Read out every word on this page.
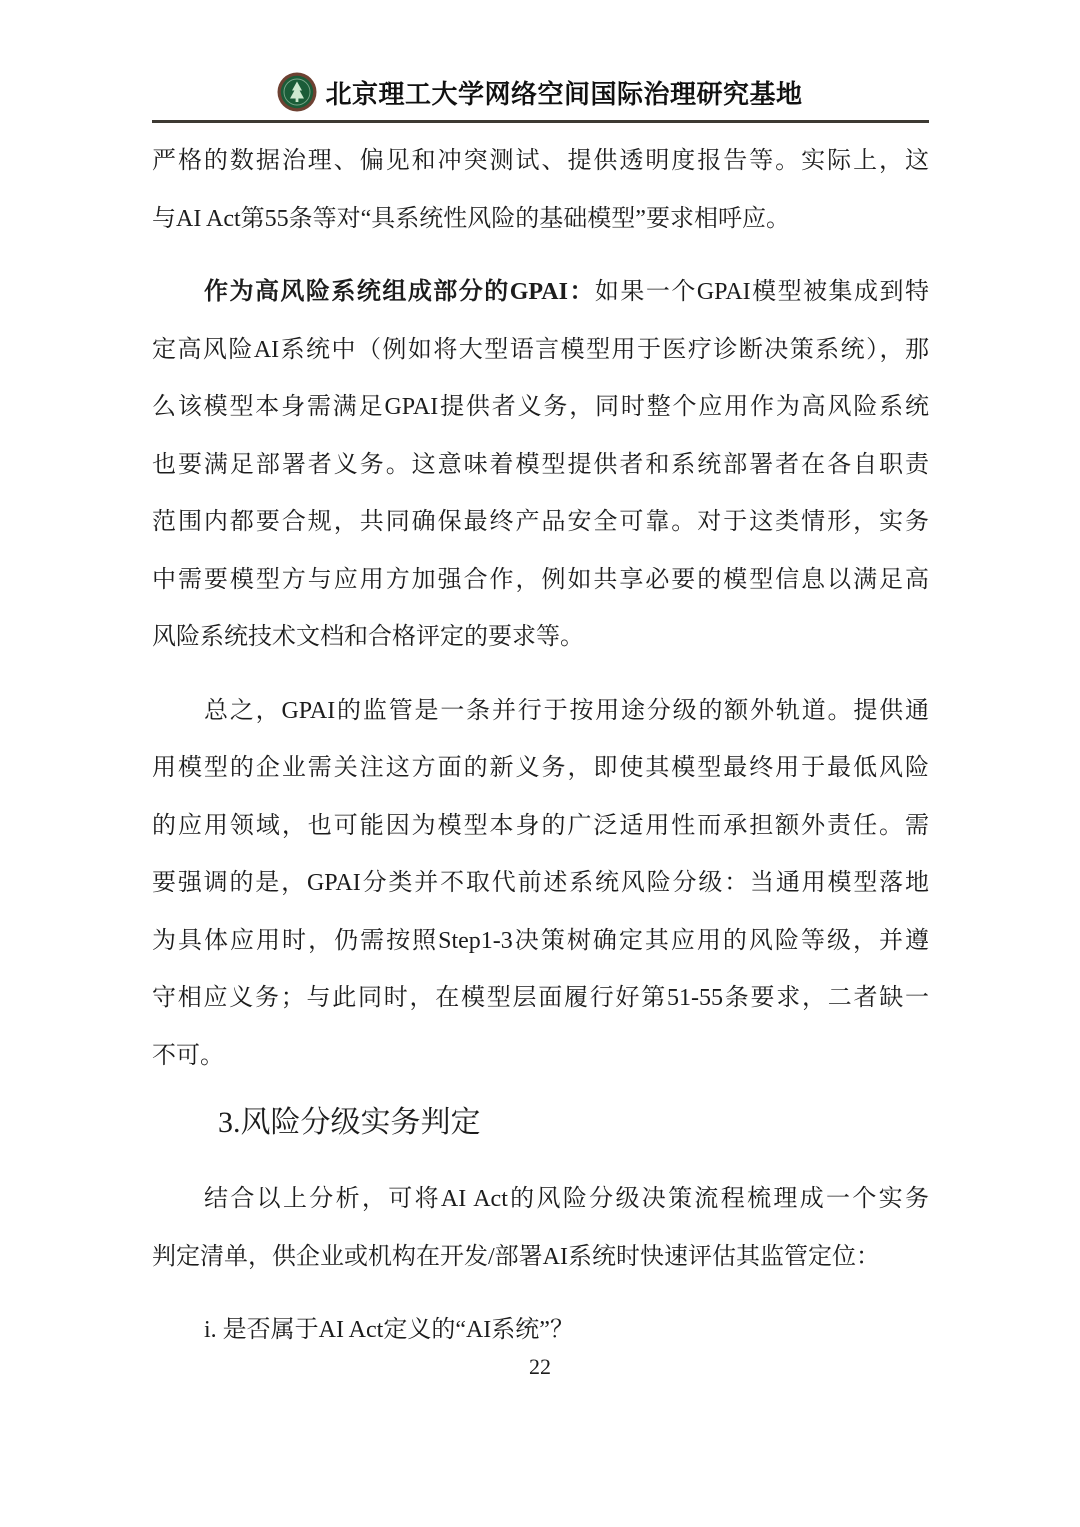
北京理工大学网络空间国际治理研究基地
严格的数据治理、偏见和冲突测试、提供透明度报告等。实际上，这
与AI Act第55条等对“具系统性风险的基础模型”要求相呼应。
作为高风险系统组成部分的GPAI：如果一个GPAI模型被集成到特
定高风险AI系统中（例如将大型语言模型用于医疗诊断决策系统），那
么该模型本身需满足GPAI提供者义务，同时整个应用作为高风险系统
也要满足部署者义务。这意味着模型提供者和系统部署者在各自职责
范围内都要合规，共同确保最终产品安全可靠。对于这类情形，实务
中需要模型方与应用方加强合作，例如共享必要的模型信息以满足高
风险系统技术文档和合格评定的要求等。
总之，GPAI的监管是一条并行于按用途分级的额外轨道。提供通
用模型的企业需关注这方面的新义务，即使其模型最终用于最低风险
的应用领域，也可能因为模型本身的广泛适用性而承担额外责任。需
要强调的是，GPAI分类并不取代前述系统风险分级：当通用模型落地
为具体应用时，仍需按照Step1-3决策树确定其应用的风险等级，并遵
守相应义务；与此同时，在模型层面履行好第51-55条要求，二者缺一
不可。
3.风险分级实务判定
结合以上分析，可将AI Act的风险分级决策流程梳理成一个实务
判定清单，供企业或机构在开发/部署AI系统时快速评估其监管定位：
i. 是否属于AI Act定义的“AI系统”？
22
